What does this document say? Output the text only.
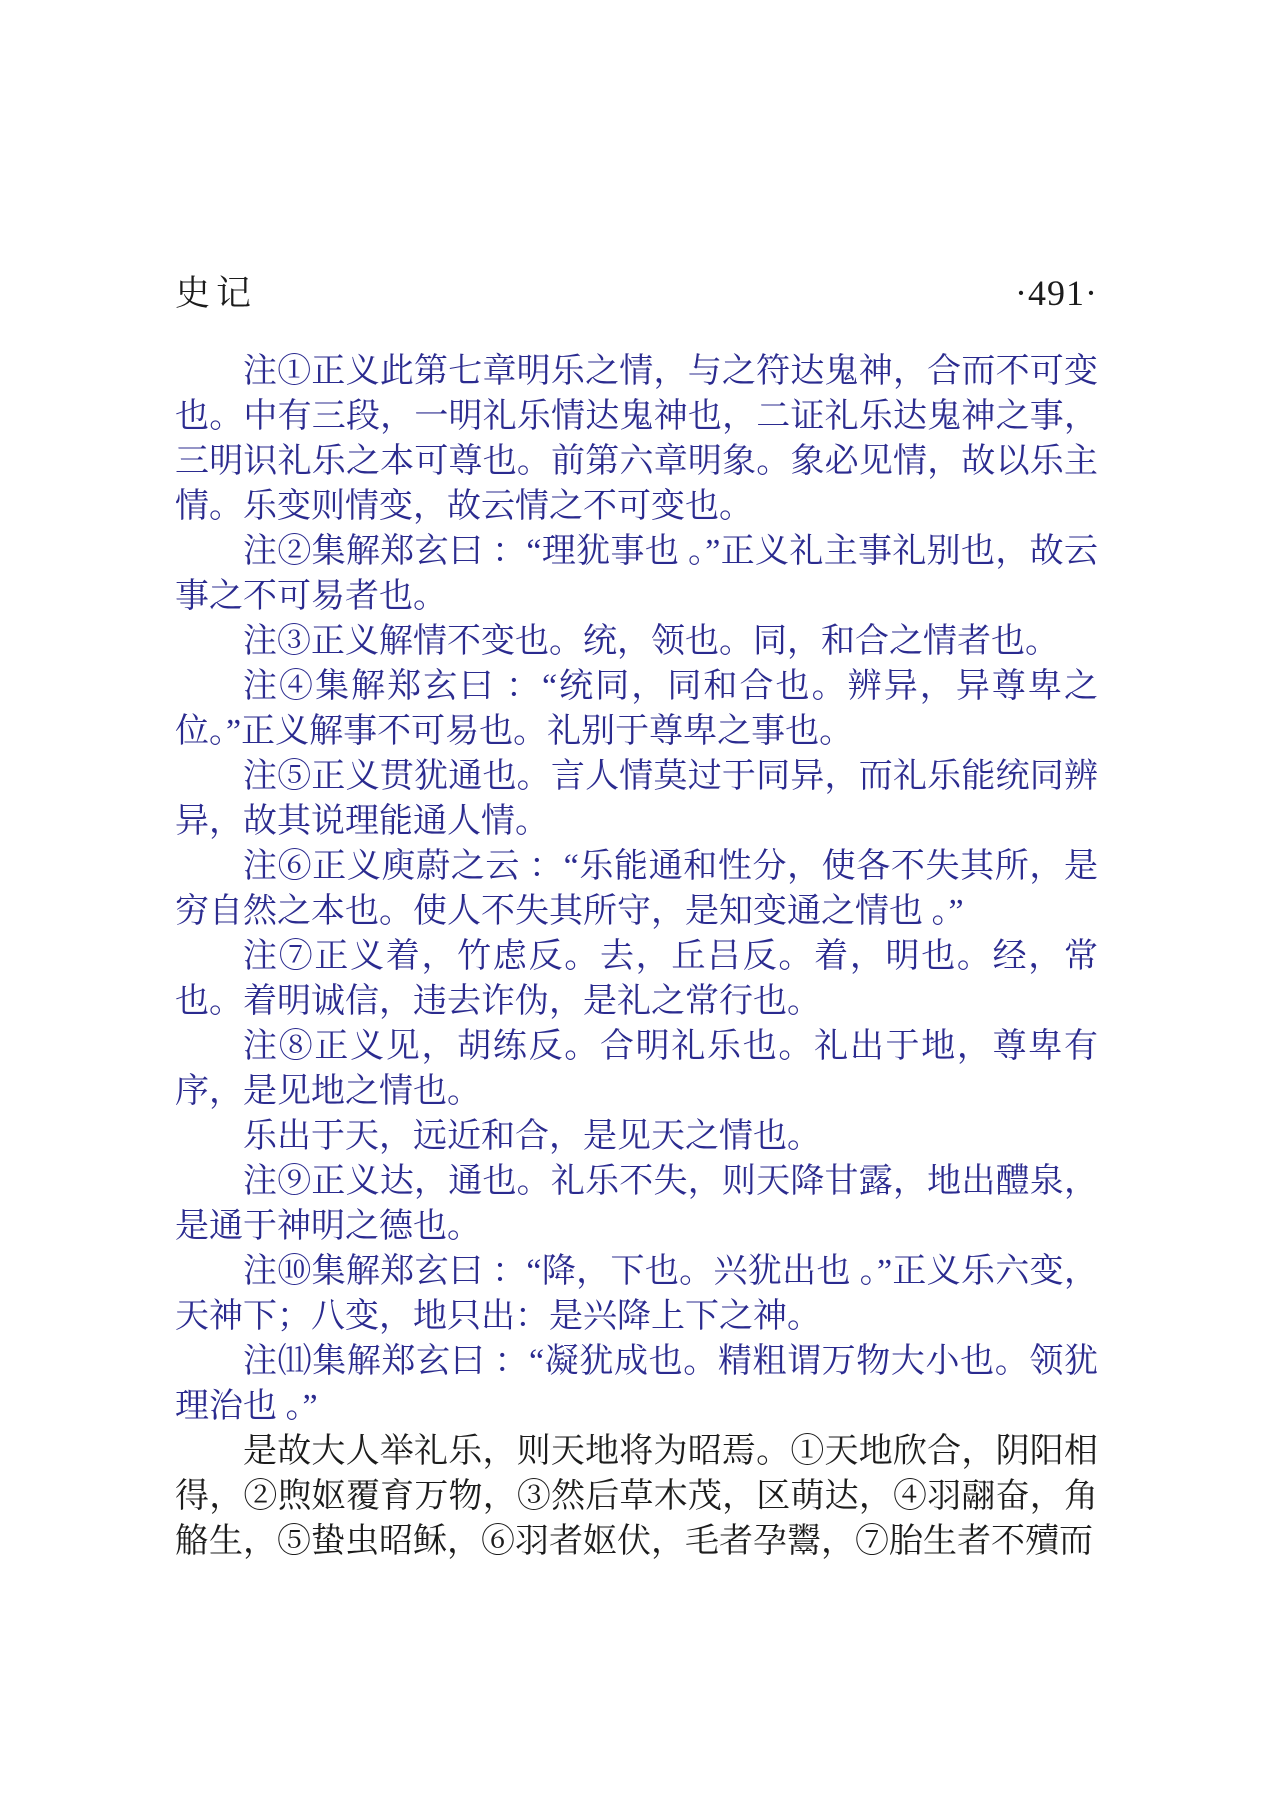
史记	·491·

注①正义此第七章明乐之情，与之符达鬼神，合而不可变也。中有三段，一明礼乐情达鬼神也，二证礼乐达鬼神之事，三明识礼乐之本可尊也。前第六章明象。象必见情，故以乐主情。乐变则情变，故云情之不可变也。

注②集解郑玄曰 ：“理犹事也 。”正义礼主事礼别也，故云事之不可易者也。

注③正义解情不变也。统，领也。同，和合之情者也。

注④集解郑玄曰 ：“统同，同和合也。辨异，异尊卑之位。”正义解事不可易也。礼别于尊卑之事也。

注⑤正义贯犹通也。言人情莫过于同异，而礼乐能统同辨异，故其说理能通人情。

注⑥正义庾蔚之云 ：“乐能通和性分，使各不失其所，是穷自然之本也。使人不失其所守，是知变通之情也 。”

注⑦正义着，竹虑反。去，丘吕反。着，明也。经，常也。着明诚信，违去诈伪，是礼之常行也。

注⑧正义见，胡练反。合明礼乐也。礼出于地，尊卑有序，是见地之情也。

乐出于天，远近和合，是见天之情也。

注⑨正义达，通也。礼乐不失，则天降甘露，地出醴泉，是通于神明之德也。

注⑩集解郑玄曰 ：“降，下也。兴犹出也 。”正义乐六变，天神下；八变，地只出：是兴降上下之神。

注⑾集解郑玄曰 ：“凝犹成也。精粗谓万物大小也。领犹理治也 。”

是故大人举礼乐，则天地将为昭焉。①天地欣合，阴阳相得，②煦妪覆育万物，③然后草木茂，区萌达，④羽翮奋，角觡生，⑤蛰虫昭稣，⑥羽者妪伏，毛者孕鬻，⑦胎生者不殰而
